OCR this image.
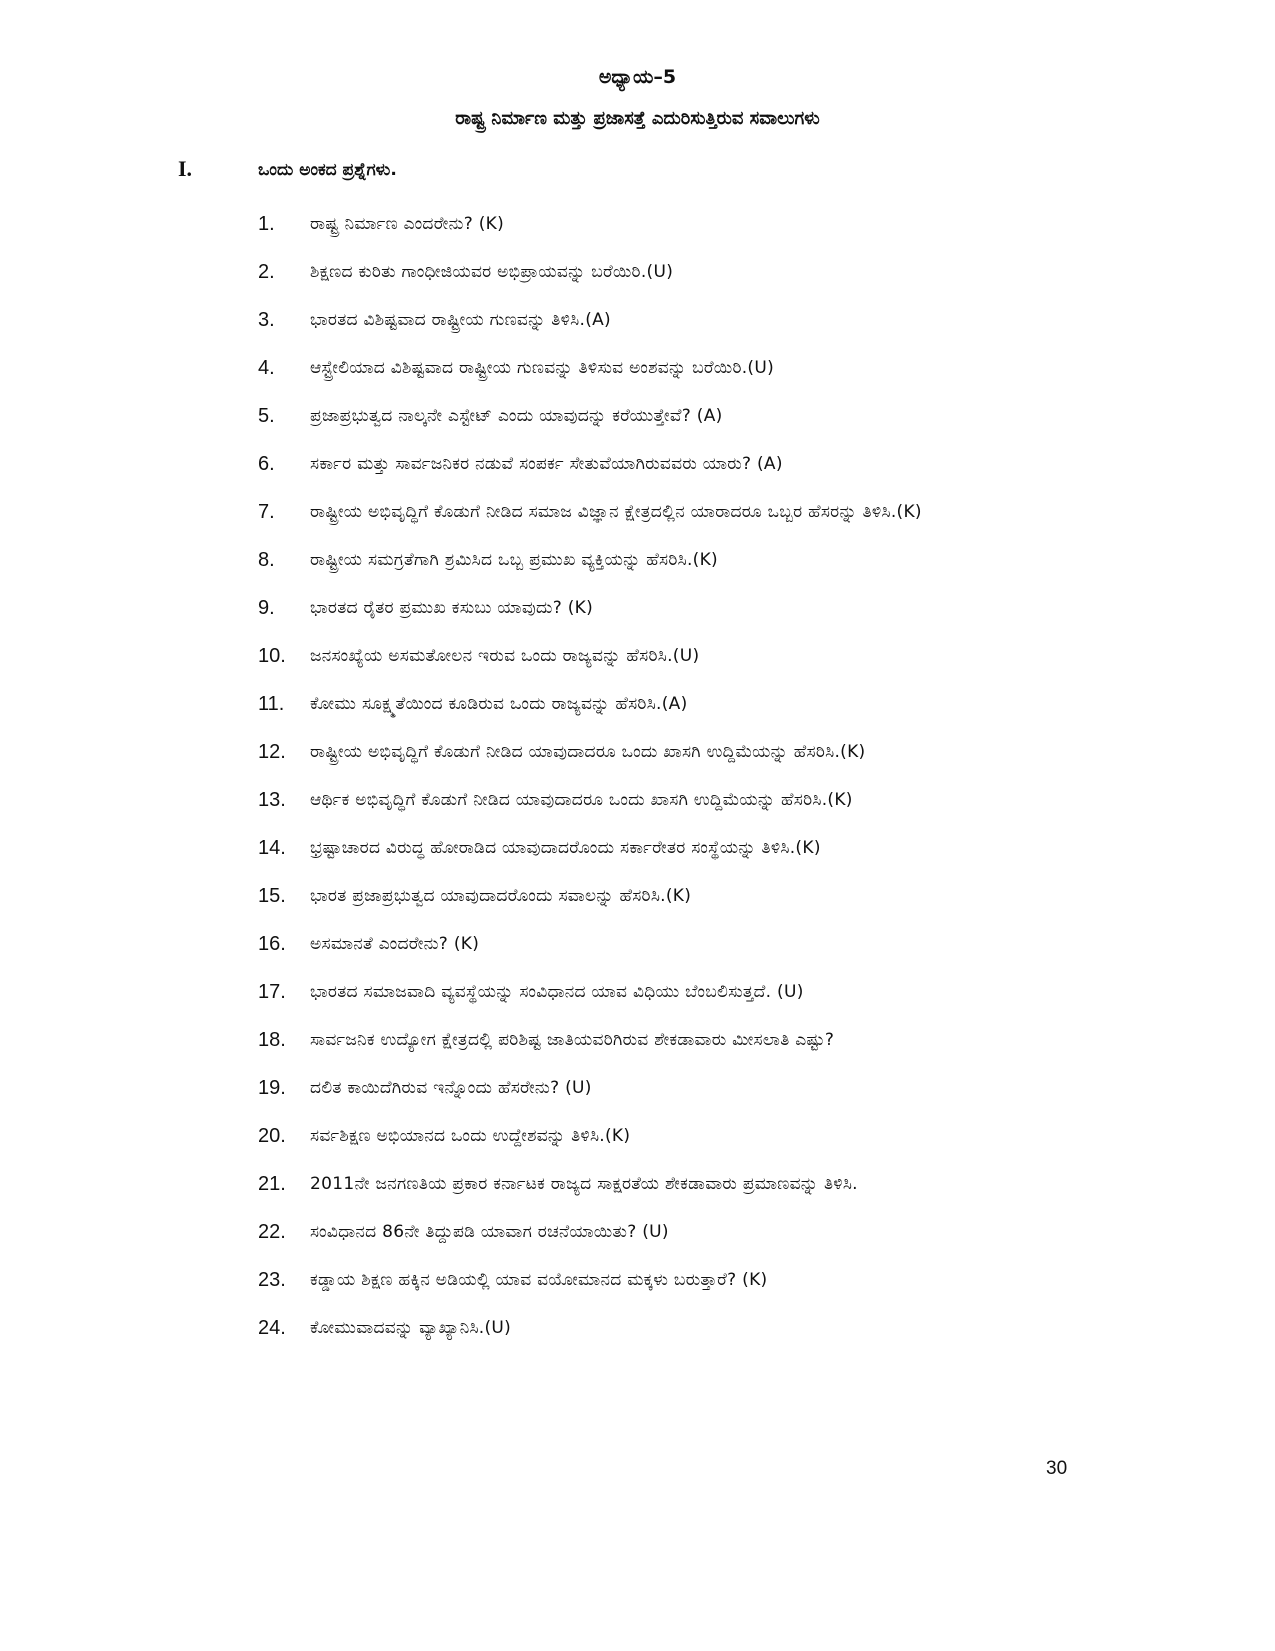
ಅಧ್ಯಾಯ–5
ರಾಷ್ಟ್ರ ನಿರ್ಮಾಣ ಮತ್ತು ಪ್ರಜಾಸತ್ತೆ ಎದುರಿಸುತ್ತಿರುವ ಸವಾಲುಗಳು
I.	ಒಂದು ಅಂಕದ ಪ್ರಶ್ನೆಗಳು.
1.	ರಾಷ್ಟ್ರ ನಿರ್ಮಾಣ ಎಂದರೇನು? (K)
2.	ಶಿಕ್ಷಣದ ಕುರಿತು ಗಾಂಧೀಜಿಯವರ ಅಭಿಪ್ರಾಯವನ್ನು ಬರೆಯಿರಿ.(U)
3.	ಭಾರತದ ವಿಶಿಷ್ಟವಾದ ರಾಷ್ಟ್ರೀಯ ಗುಣವನ್ನು ತಿಳಿಸಿ.(A)
4.	ಆಸ್ಟ್ರೇಲಿಯಾದ ವಿಶಿಷ್ಟವಾದ ರಾಷ್ಟ್ರೀಯ ಗುಣವನ್ನು ತಿಳಿಸುವ ಅಂಶವನ್ನು ಬರೆಯಿರಿ.(U)
5.	ಪ್ರಜಾಪ್ರಭುತ್ವದ ನಾಲ್ಕನೇ ಎಸ್ಟೇಟ್ ಎಂದು ಯಾವುದನ್ನು ಕರೆಯುತ್ತೇವೆ? (A)
6.	ಸರ್ಕಾರ ಮತ್ತು ಸಾರ್ವಜನಿಕರ ನಡುವೆ ಸಂಪರ್ಕ ಸೇತುವೆಯಾಗಿರುವವರು ಯಾರು? (A)
7.	ರಾಷ್ಟ್ರೀಯ ಅಭಿವೃದ್ಧಿಗೆ ಕೊಡುಗೆ ನೀಡಿದ ಸಮಾಜ ವಿಜ್ಞಾನ ಕ್ಷೇತ್ರದಲ್ಲಿನ ಯಾರಾದರೂ ಒಬ್ಬರ ಹೆಸರನ್ನು ತಿಳಿಸಿ.(K)
8.	ರಾಷ್ಟ್ರೀಯ ಸಮಗ್ರತೆಗಾಗಿ ಶ್ರಮಿಸಿದ ಒಬ್ಬ ಪ್ರಮುಖ ವ್ಯಕ್ತಿಯನ್ನು ಹೆಸರಿಸಿ.(K)
9.	ಭಾರತದ ರೈತರ ಪ್ರಮುಖ ಕಸುಬು ಯಾವುದು? (K)
10.	ಜನಸಂಖ್ಯೆಯ ಅಸಮತೋಲನ ಇರುವ ಒಂದು ರಾಜ್ಯವನ್ನು ಹೆಸರಿಸಿ.(U)
11.	ಕೋಮು ಸೂಕ್ಷ್ಮತೆಯಿಂದ ಕೂಡಿರುವ ಒಂದು ರಾಜ್ಯವನ್ನು ಹೆಸರಿಸಿ.(A)
12.	ರಾಷ್ಟ್ರೀಯ ಅಭಿವೃದ್ಧಿಗೆ ಕೊಡುಗೆ ನೀಡಿದ ಯಾವುದಾದರೂ ಒಂದು ಖಾಸಗಿ ಉದ್ದಿಮೆಯನ್ನು ಹೆಸರಿಸಿ.(K)
13.	ಆರ್ಥಿಕ ಅಭಿವೃದ್ಧಿಗೆ ಕೊಡುಗೆ ನೀಡಿದ ಯಾವುದಾದರೂ ಒಂದು ಖಾಸಗಿ ಉದ್ದಿಮೆಯನ್ನು ಹೆಸರಿಸಿ.(K)
14.	ಭ್ರಷ್ಟಾಚಾರದ ವಿರುದ್ಧ ಹೋರಾಡಿದ ಯಾವುದಾದರೊಂದು ಸರ್ಕಾರೇತರ ಸಂಸ್ಥೆಯನ್ನು ತಿಳಿಸಿ.(K)
15.	ಭಾರತ ಪ್ರಜಾಪ್ರಭುತ್ವದ ಯಾವುದಾದರೊಂದು ಸವಾಲನ್ನು ಹೆಸರಿಸಿ.(K)
16.	ಅಸಮಾನತೆ ಎಂದರೇನು? (K)
17.	ಭಾರತದ ಸಮಾಜವಾದಿ ವ್ಯವಸ್ಥೆಯನ್ನು ಸಂವಿಧಾನದ ಯಾವ ವಿಧಿಯು ಬೆಂಬಲಿಸುತ್ತದೆ. (U)
18.	ಸಾರ್ವಜನಿಕ ಉದ್ಯೋಗ ಕ್ಷೇತ್ರದಲ್ಲಿ ಪರಿಶಿಷ್ಟ ಜಾತಿಯವರಿಗಿರುವ ಶೇಕಡಾವಾರು ಮೀಸಲಾತಿ ಎಷ್ಟು?
19.	ದಲಿತ ಕಾಯಿದೆಗಿರುವ ಇನ್ನೊಂದು ಹೆಸರೇನು? (U)
20.	ಸರ್ವಶಿಕ್ಷಣ ಅಭಿಯಾನದ ಒಂದು ಉದ್ದೇಶವನ್ನು ತಿಳಿಸಿ.(K)
21.	2011ನೇ ಜನಗಣತಿಯ ಪ್ರಕಾರ ಕರ್ನಾಟಕ ರಾಜ್ಯದ ಸಾಕ್ಷರತೆಯ ಶೇಕಡಾವಾರು ಪ್ರಮಾಣವನ್ನು ತಿಳಿಸಿ.
22.	ಸಂವಿಧಾನದ 86ನೇ ತಿದ್ದುಪಡಿ ಯಾವಾಗ ರಚನೆಯಾಯಿತು? (U)
23.	ಕಡ್ಡಾಯ ಶಿಕ್ಷಣ ಹಕ್ಕಿನ ಅಡಿಯಲ್ಲಿ ಯಾವ ವಯೋಮಾನದ ಮಕ್ಕಳು ಬರುತ್ತಾರೆ? (K)
24.	ಕೋಮುವಾದವನ್ನು ವ್ಯಾಖ್ಯಾನಿಸಿ.(U)
30
